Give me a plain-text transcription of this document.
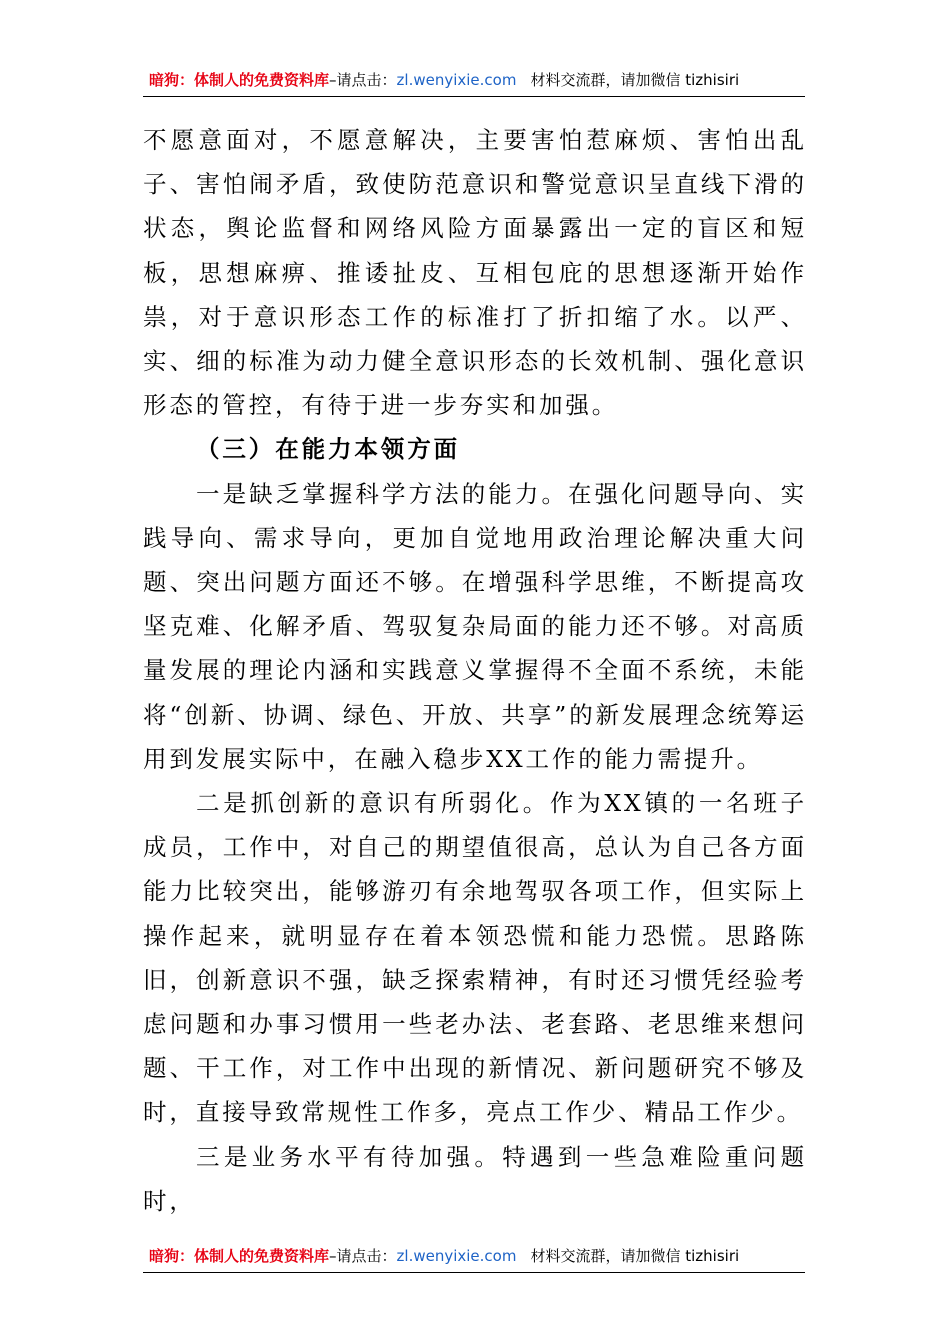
暗狗：体制人的免费资料库–请点击：zl.wenyixie.com 材料交流群，请加微信 tizhisiri

不愿意面对，不愿意解决，主要害怕惹麻烦、害怕出乱子、害怕闹矛盾，致使防范意识和警觉意识呈直线下滑的状态，舆论监督和网络风险方面暴露出一定的盲区和短板，思想麻痹、推诿扯皮、互相包庇的思想逐渐开始作祟，对于意识形态工作的标准打了折扣缩了水。以严、实、细的标准为动力健全意识形态的长效机制、强化意识形态的管控，有待于进一步夯实和加强。

（三）在能力本领方面

一是缺乏掌握科学方法的能力。在强化问题导向、实践导向、需求导向，更加自觉地用政治理论解决重大问题、突出问题方面还不够。在增强科学思维，不断提高攻坚克难、化解矛盾、驾驭复杂局面的能力还不够。对高质量发展的理论内涵和实践意义掌握得不全面不系统，未能将“创新、协调、绿色、开放、共享”的新发展理念统筹运用到发展实际中，在融入稳步XX工作的能力需提升。

二是抓创新的意识有所弱化。作为XX镇的一名班子成员，工作中，对自己的期望值很高，总认为自己各方面能力比较突出，能够游刃有余地驾驭各项工作，但实际上操作起来，就明显存在着本领恐慌和能力恐慌。思路陈旧，创新意识不强，缺乏探索精神，有时还习惯凭经验考虑问题和办事习惯用一些老办法、老套路、老思维来想问题、干工作，对工作中出现的新情况、新问题研究不够及时，直接导致常规性工作多，亮点工作少、精品工作少。

三是业务水平有待加强。特遇到一些急难险重问题时，

暗狗：体制人的免费资料库–请点击：zl.wenyixie.com 材料交流群，请加微信 tizhisiri
